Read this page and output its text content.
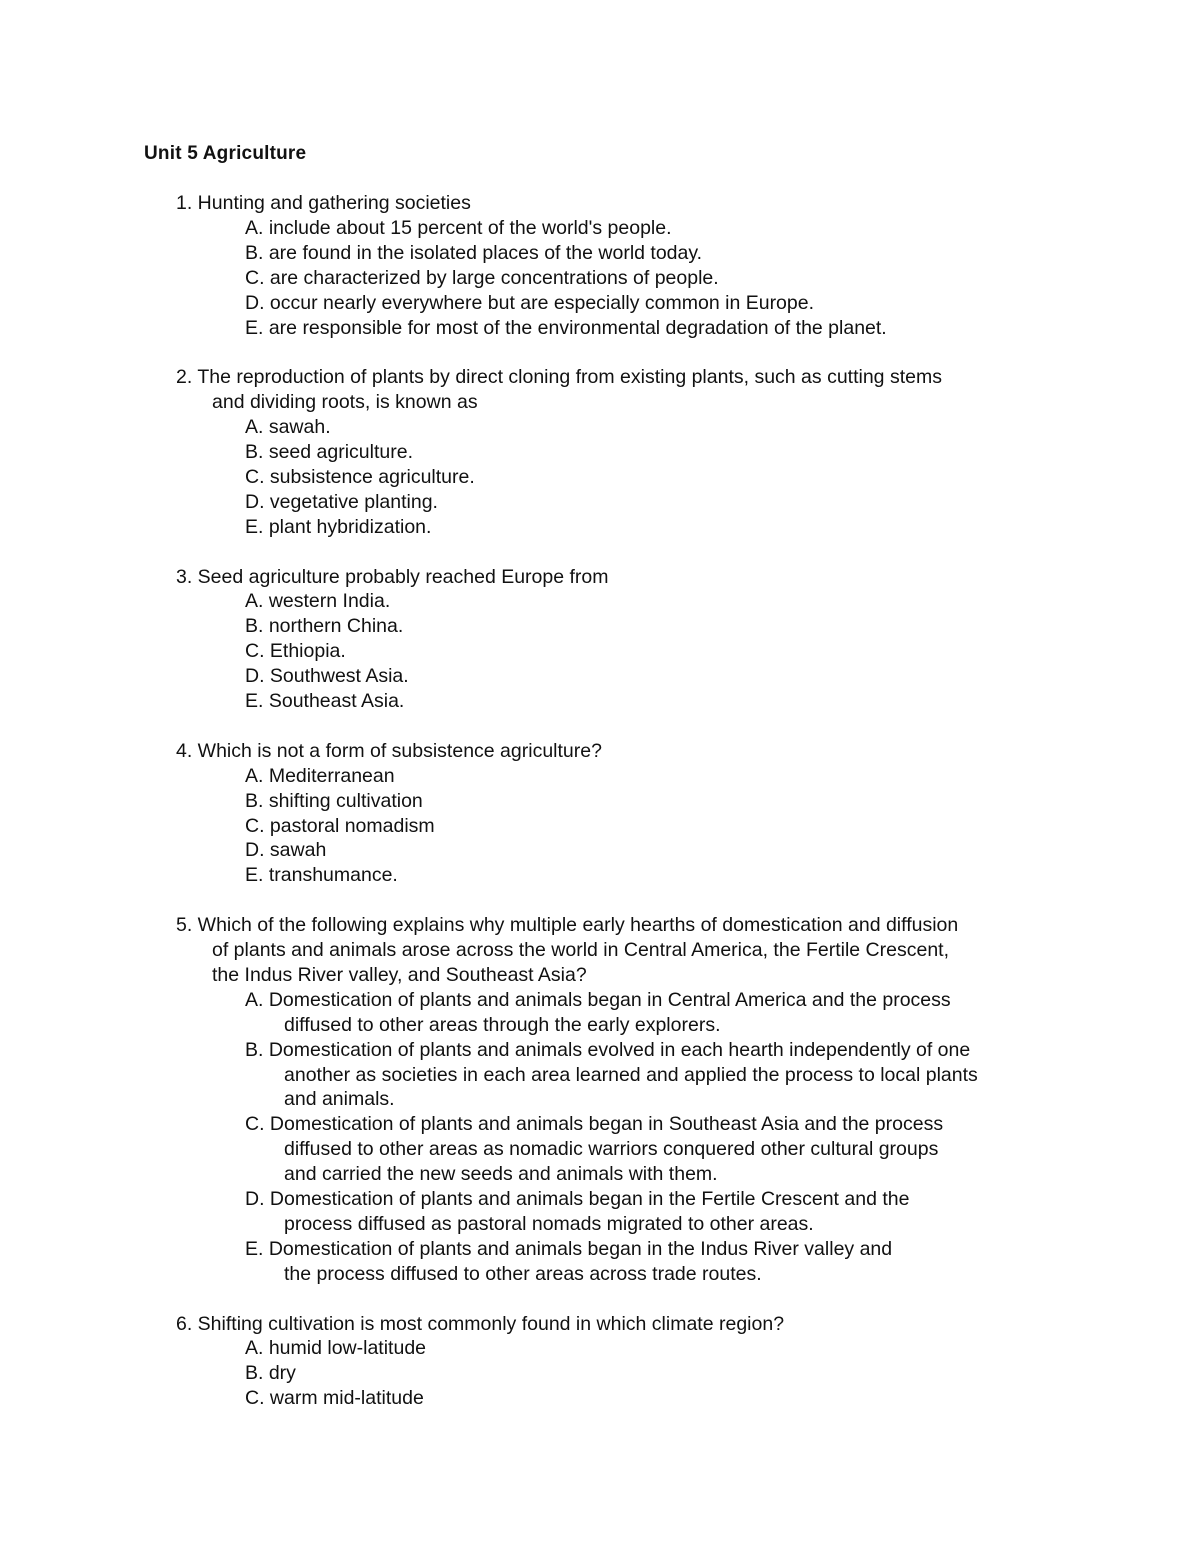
Unit 5 Agriculture
1. Hunting and gathering societies
A. include about 15 percent of the world's people.
B. are found in the isolated places of the world today.
C. are characterized by large concentrations of people.
D. occur nearly everywhere but are especially common in Europe.
E. are responsible for most of the environmental degradation of the planet.
2. The reproduction of plants by direct cloning from existing plants, such as cutting stems
and dividing roots, is known as
A. sawah.
B. seed agriculture.
C. subsistence agriculture.
D. vegetative planting.
E. plant hybridization.
3. Seed agriculture probably reached Europe from
A. western India.
B. northern China.
C. Ethiopia.
D. Southwest Asia.
E. Southeast Asia.
4. Which is not a form of subsistence agriculture?
A. Mediterranean
B. shifting cultivation
C. pastoral nomadism
D. sawah
E. transhumance.
5. Which of the following explains why multiple early hearths of domestication and diffusion
of plants and animals arose across the world in Central America, the Fertile Crescent,
the Indus River valley, and Southeast Asia?
A. Domestication of plants and animals began in Central America and the process
diffused to other areas through the early explorers.
B. Domestication of plants and animals evolved in each hearth independently of one
another as societies in each area learned and applied the process to local plants
and animals.
C. Domestication of plants and animals began in Southeast Asia and the process
diffused to other areas as nomadic warriors conquered other cultural groups
and carried the new seeds and animals with them.
D. Domestication of plants and animals began in the Fertile Crescent and the
process diffused as pastoral nomads migrated to other areas.
E. Domestication of plants and animals began in the Indus River valley and
the process diffused to other areas across trade routes.
6. Shifting cultivation is most commonly found in which climate region?
A. humid low-latitude
B. dry
C. warm mid-latitude
